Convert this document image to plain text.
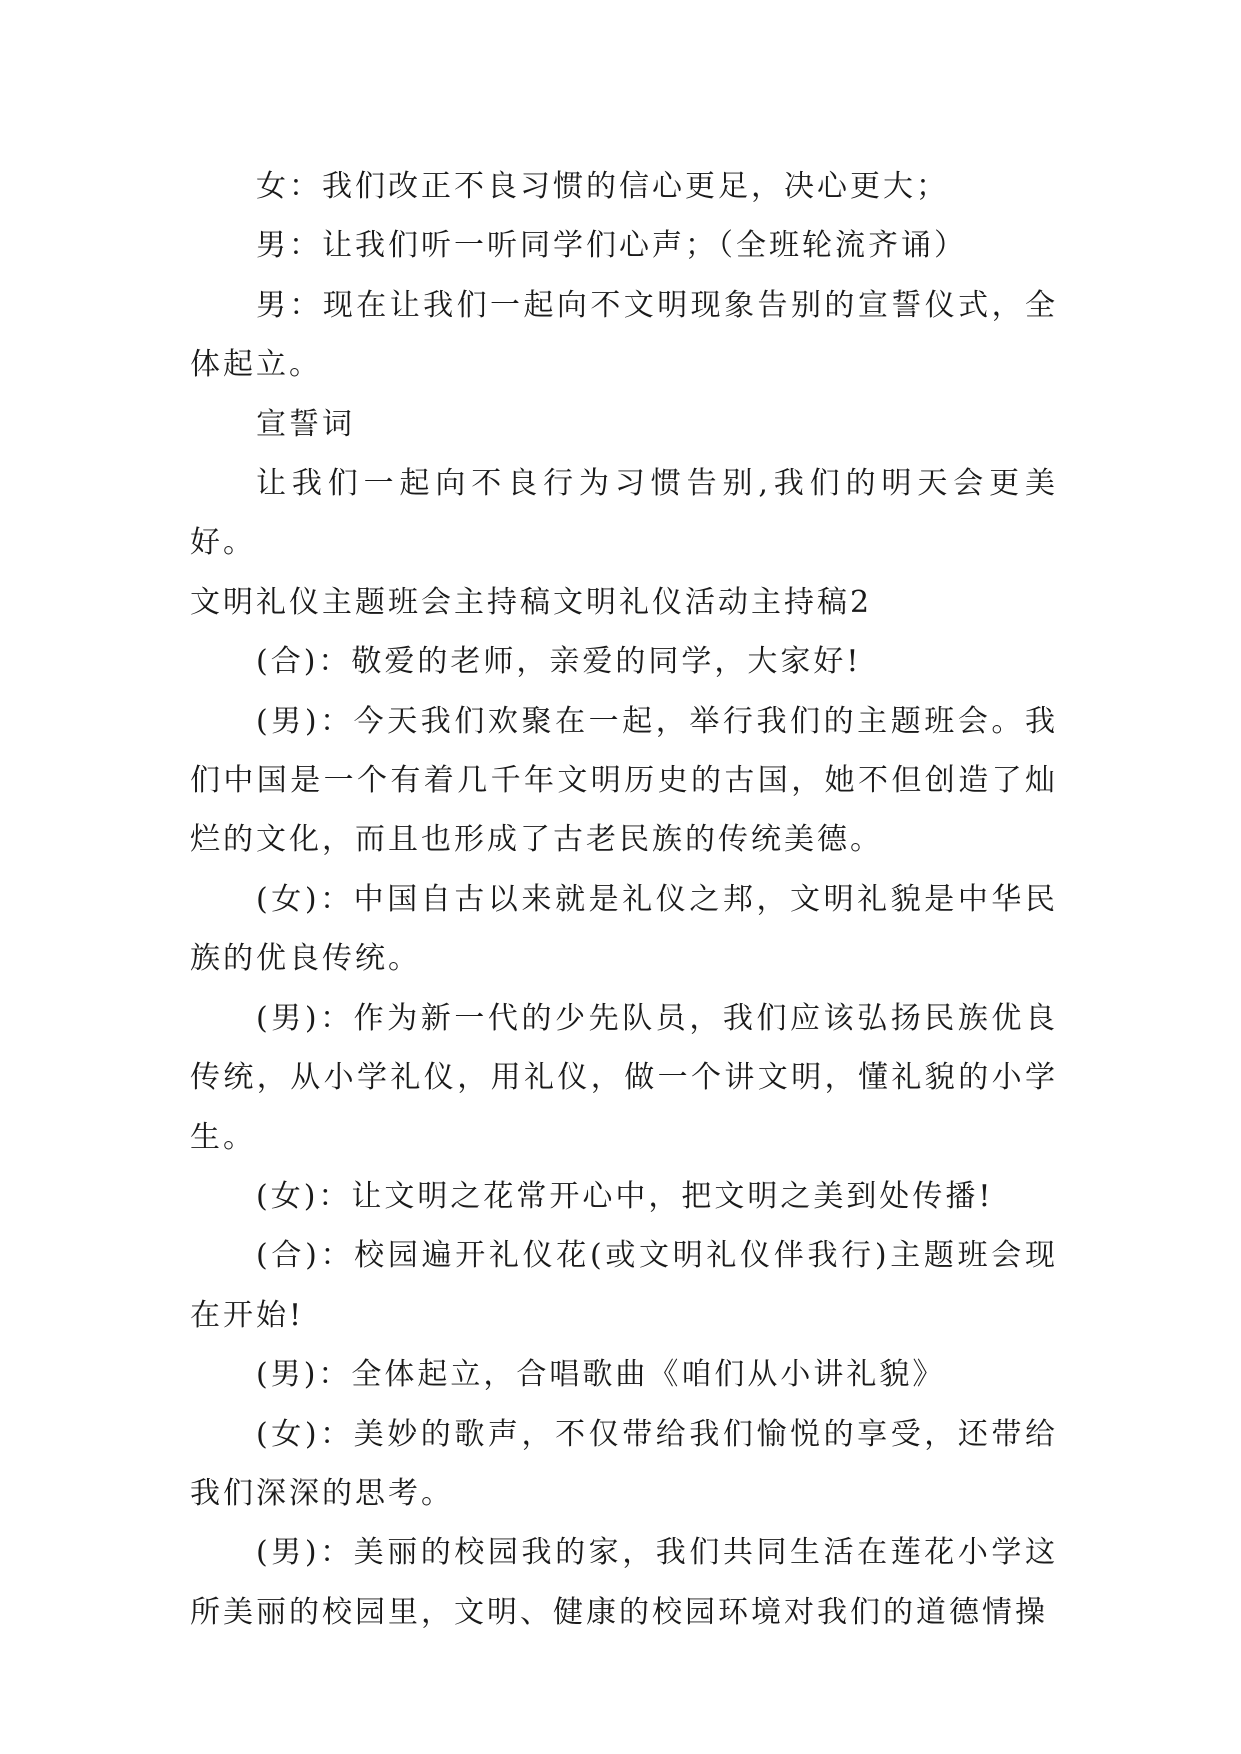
女：我们改正不良习惯的信心更足，决心更大；

男：让我们听一听同学们心声；（全班轮流齐诵）

男：现在让我们一起向不文明现象告别的宣誓仪式，全体起立。

宣誓词

让我们一起向不良行为习惯告别,我们的明天会更美好。

文明礼仪主题班会主持稿文明礼仪活动主持稿2

(合)：敬爱的老师，亲爱的同学，大家好!

(男)：今天我们欢聚在一起，举行我们的主题班会。我们中国是一个有着几千年文明历史的古国，她不但创造了灿烂的文化，而且也形成了古老民族的传统美德。

(女)：中国自古以来就是礼仪之邦，文明礼貌是中华民族的优良传统。

(男)：作为新一代的少先队员，我们应该弘扬民族优良传统，从小学礼仪，用礼仪，做一个讲文明，懂礼貌的小学生。

(女)：让文明之花常开心中，把文明之美到处传播!

(合)：校园遍开礼仪花(或文明礼仪伴我行)主题班会现在开始!

(男)：全体起立，合唱歌曲《咱们从小讲礼貌》

(女)：美妙的歌声，不仅带给我们愉悦的享受，还带给我们深深的思考。

(男)：美丽的校园我的家，我们共同生活在莲花小学这所美丽的校园里，文明、健康的校园环境对我们的道德情操
